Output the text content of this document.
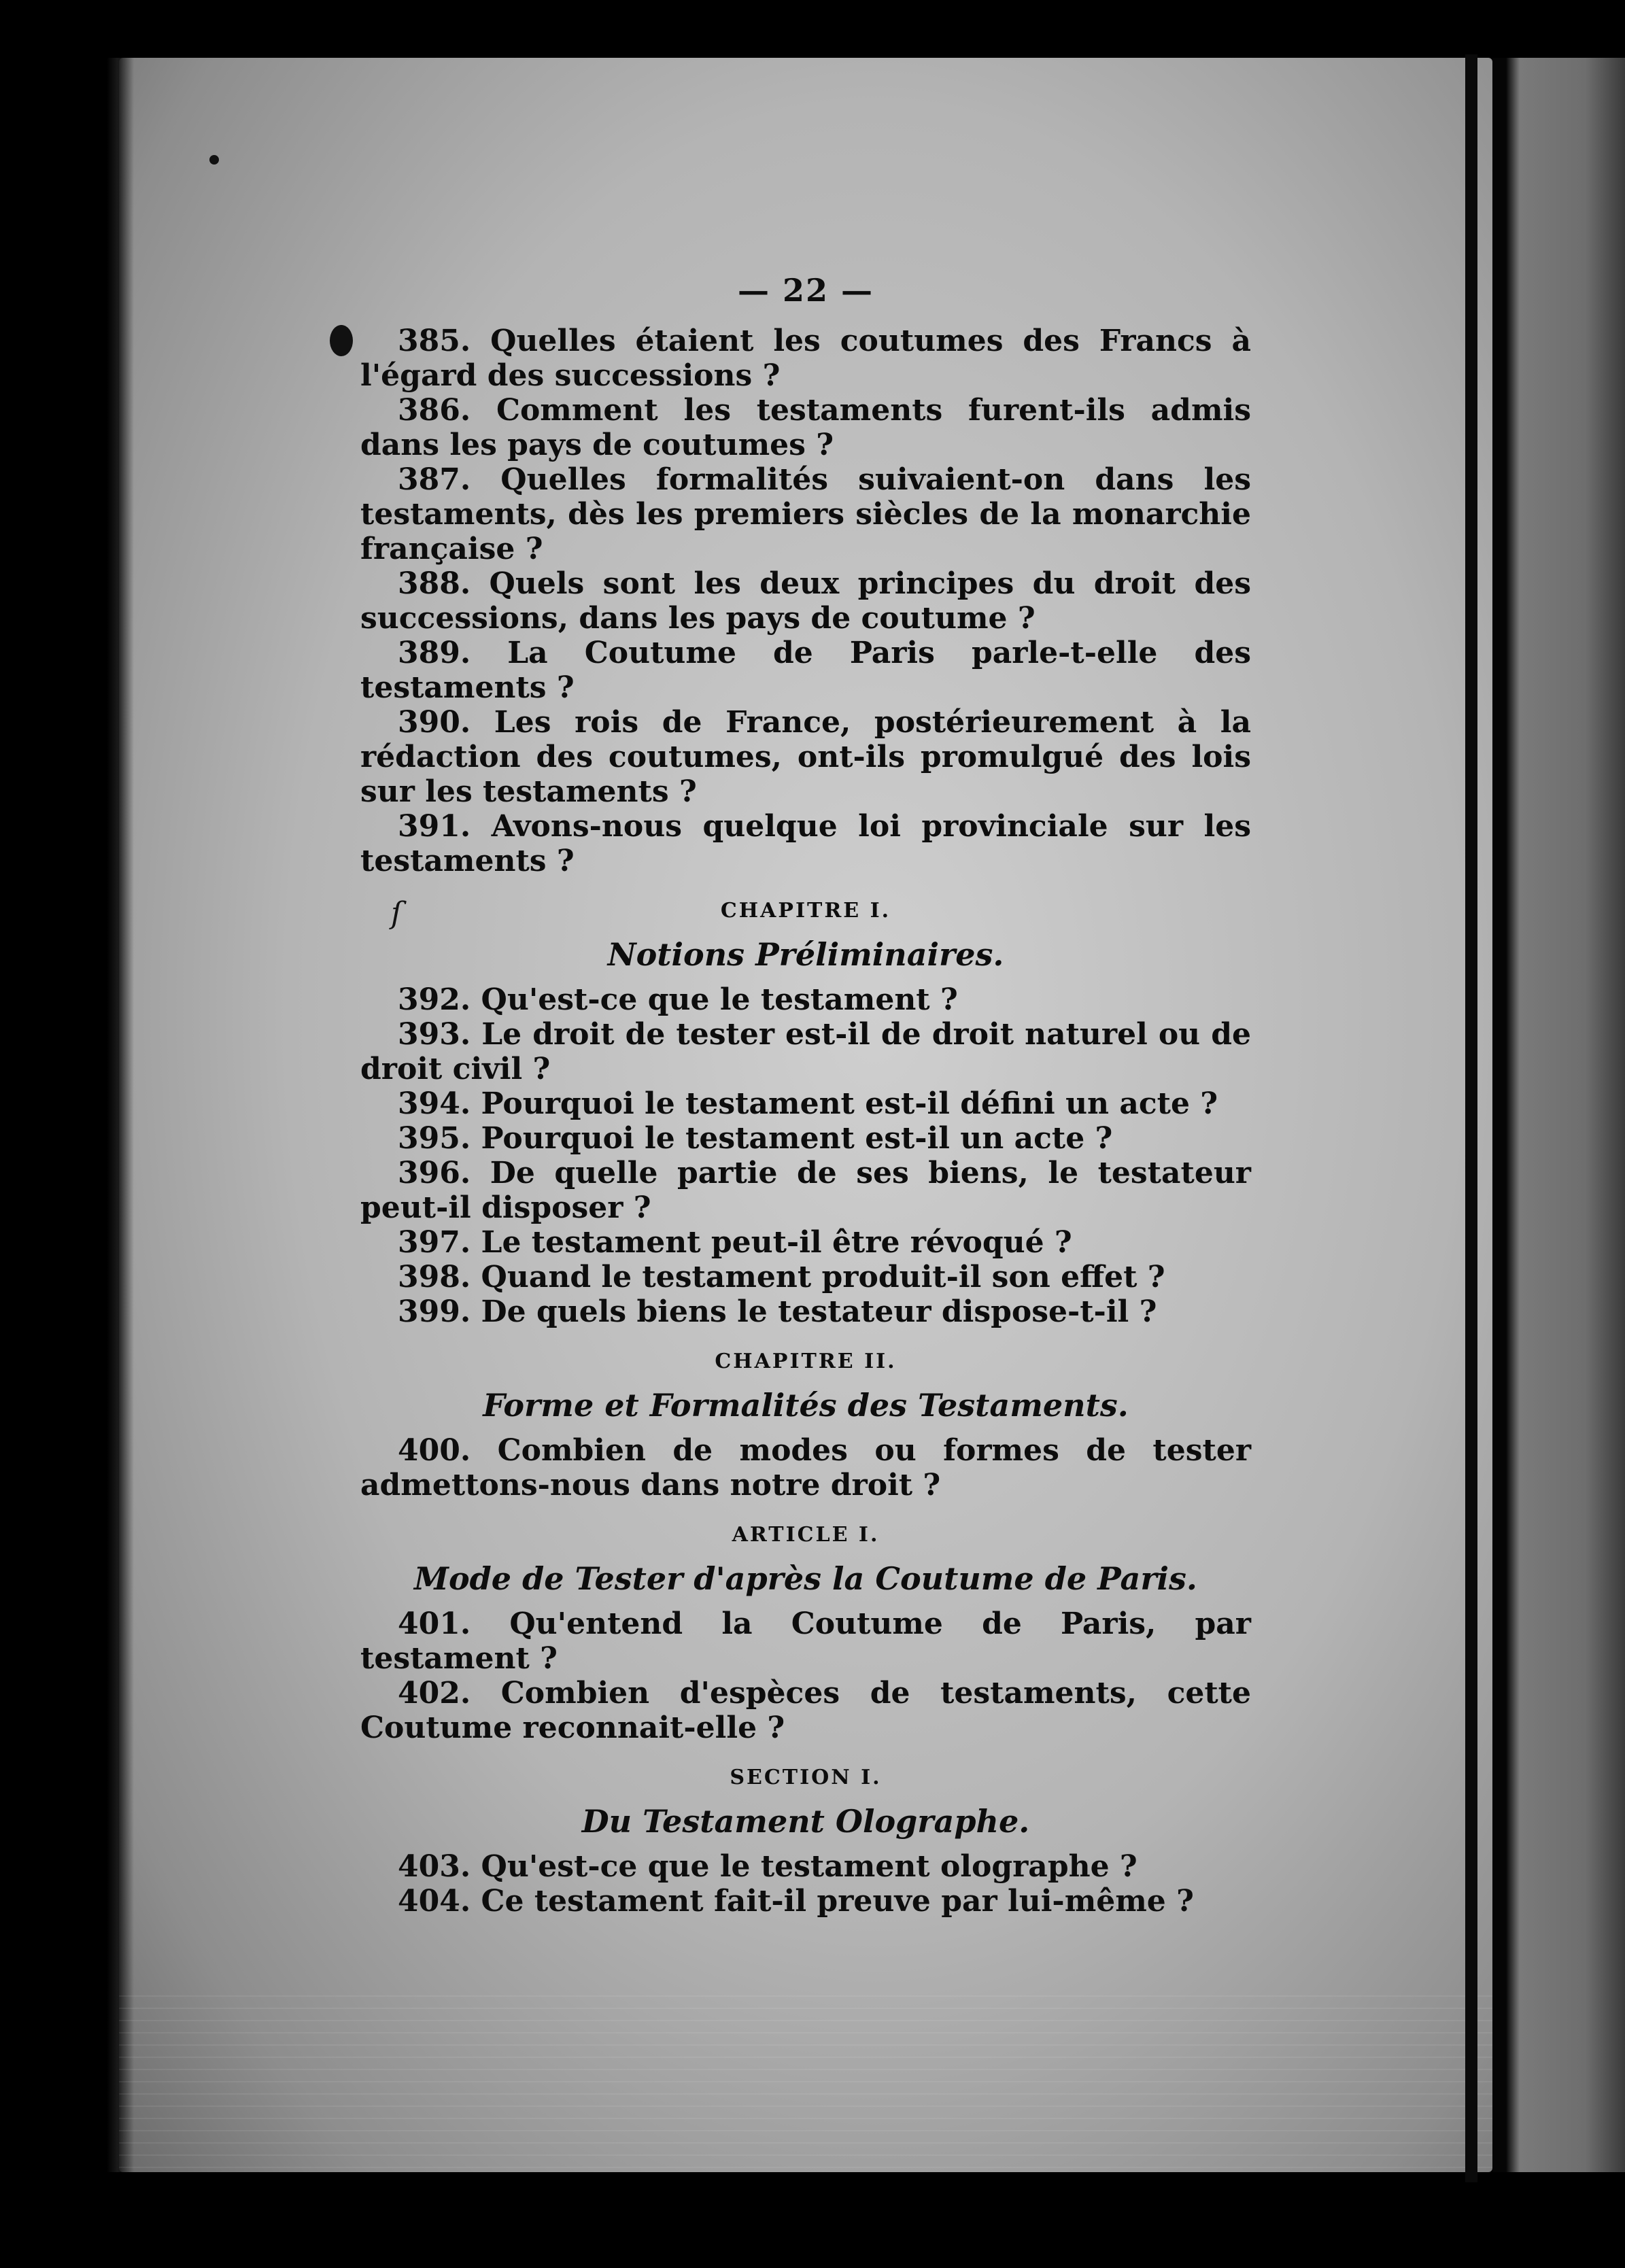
ſ
— 22 —

385. Quelles étaient les coutumes des Francs à l'égard des successions ?

386. Comment les testaments furent-ils admis dans les pays de coutumes ?

387. Quelles formalités suivaient-on dans les testaments, dès les premiers siècles de la monarchie française ?

388. Quels sont les deux principes du droit des successions, dans les pays de coutume ?

389. La Coutume de Paris parle-t-elle des testaments ?

390. Les rois de France, postérieurement à la rédaction des coutumes, ont-ils promulgué des lois sur les testaments ?

391. Avons-nous quelque loi provinciale sur les testaments ?

CHAPITRE I.
Notions Préliminaires.

392. Qu'est-ce que le testament ?

393. Le droit de tester est-il de droit naturel ou de droit civil ?

394. Pourquoi le testament est-il défini un acte ?

395. Pourquoi le testament est-il un acte ?

396. De quelle partie de ses biens, le testateur peut-il disposer ?

397. Le testament peut-il être révoqué ?

398. Quand le testament produit-il son effet ?

399. De quels biens le testateur dispose-t-il ?

CHAPITRE II.
Forme et Formalités des Testaments.

400. Combien de modes ou formes de tester admettons-nous dans notre droit ?

ARTICLE I.
Mode de Tester d'après la Coutume de Paris.

401. Qu'entend la Coutume de Paris, par testament ?

402. Combien d'espèces de testaments, cette Coutume reconnait-elle ?

SECTION I.
Du Testament Olographe.

403. Qu'est-ce que le testament olographe ?

404. Ce testament fait-il preuve par lui-même ?
